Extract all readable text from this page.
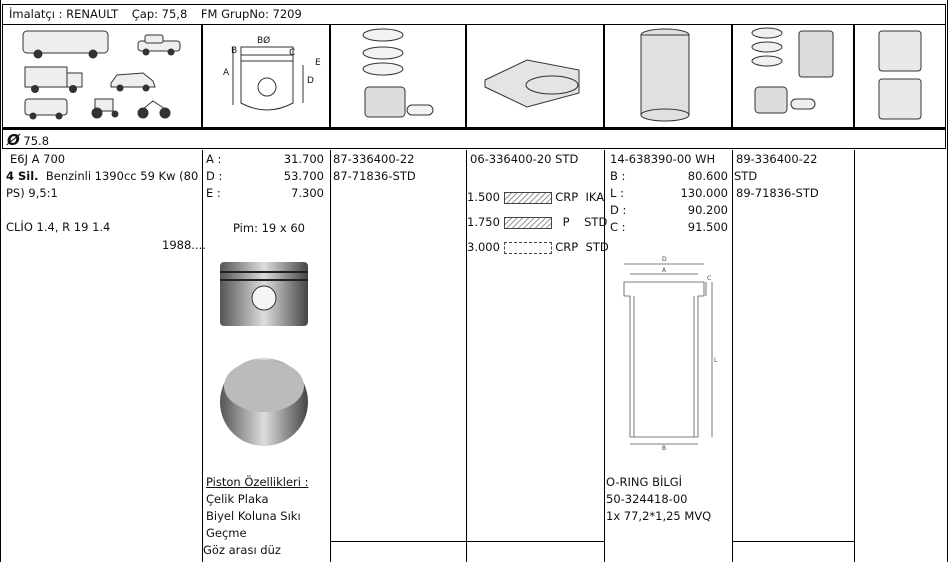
İmalatçı : RENAULT Çap: 75,8 FM GrupNo: 7209
B
BØ
C
A
D
E
Ø 75.8
E6J A 700
4 Sil. Benzinli 1390cc 59 Kw (80
PS) 9,5:1
CLİO 1.4, R 19 1.4
1988....
A :	31.700
D :	53.700
E :	7.300
Pim: 19 x 60
Piston Özellikleri :
Çelik Plaka
Biyel Koluna Sıkı
Geçme
Göz arası düz
87-336400-22
87-71836-STD
06-336400-20 STD
1.500	CRP IKA
1.750	P STD
3.000	CRP STD
14-638390-00 WH
B :	80.600
L :	130.000
D :	90.200
C :	91.500
D
A
B
L
C
O-RING BİLGİ
50-324418-00
1x 77,2*1,25 MVQ
89-336400-22
STD
89-71836-STD
